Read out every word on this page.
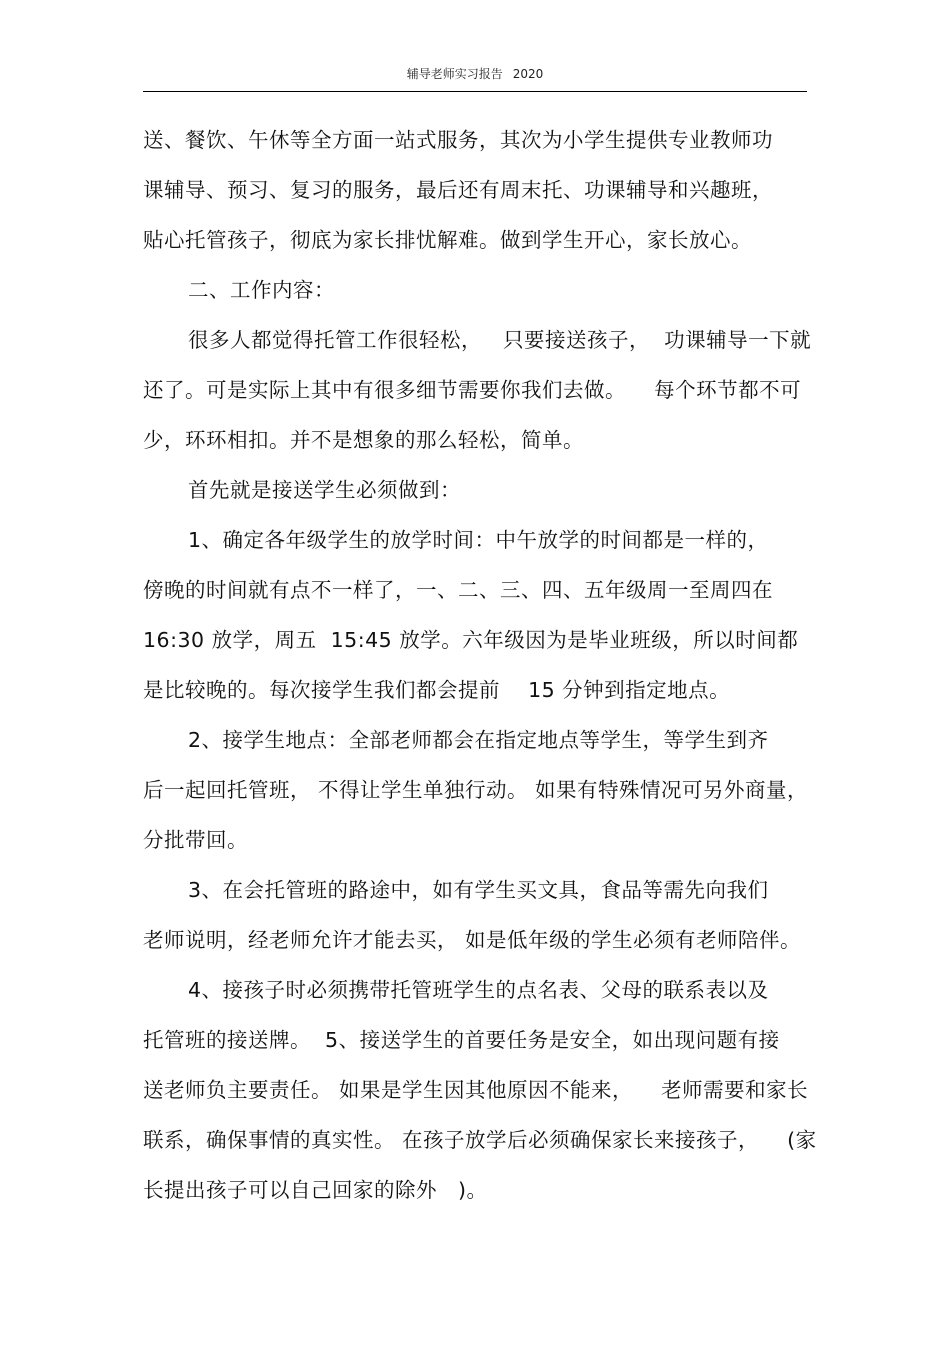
辅导老师实习报告 2020
送、餐饮、午休等全方面一站式服务，其次为小学生提供专业教师功
课辅导、预习、复习的服务，最后还有周末托、功课辅导和兴趣班，
贴心托管孩子，彻底为家长排忧解难。做到学生开心，家长放心。
二、工作内容：
很多人都觉得托管工作很轻松，   只要接送孩子，  功课辅导一下就
还了。可是实际上其中有很多细节需要你我们去做。    每个环节都不可
少，环环相扣。并不是想象的那么轻松，简单。
首先就是接送学生必须做到：
1、确定各年级学生的放学时间：中午放学的时间都是一样的，
傍晚的时间就有点不一样了，一、二、三、四、五年级周一至周四在
16:30 放学，周五  15:45 放学。六年级因为是毕业班级，所以时间都
是比较晚的。每次接学生我们都会提前    15 分钟到指定地点。
2、接学生地点：全部老师都会在指定地点等学生，等学生到齐
后一起回托管班， 不得让学生单独行动。 如果有特殊情况可另外商量，
分批带回。
3、在会托管班的路途中，如有学生买文具，食品等需先向我们
老师说明，经老师允许才能去买， 如是低年级的学生必须有老师陪伴。
4、接孩子时必须携带托管班学生的点名表、父母的联系表以及
托管班的接送牌。  5、接送学生的首要任务是安全，如出现问题有接
送老师负主要责任。 如果是学生因其他原因不能来，    老师需要和家长
联系，确保事情的真实性。 在孩子放学后必须确保家长来接孩子，    (家
长提出孩子可以自己回家的除外   )。
